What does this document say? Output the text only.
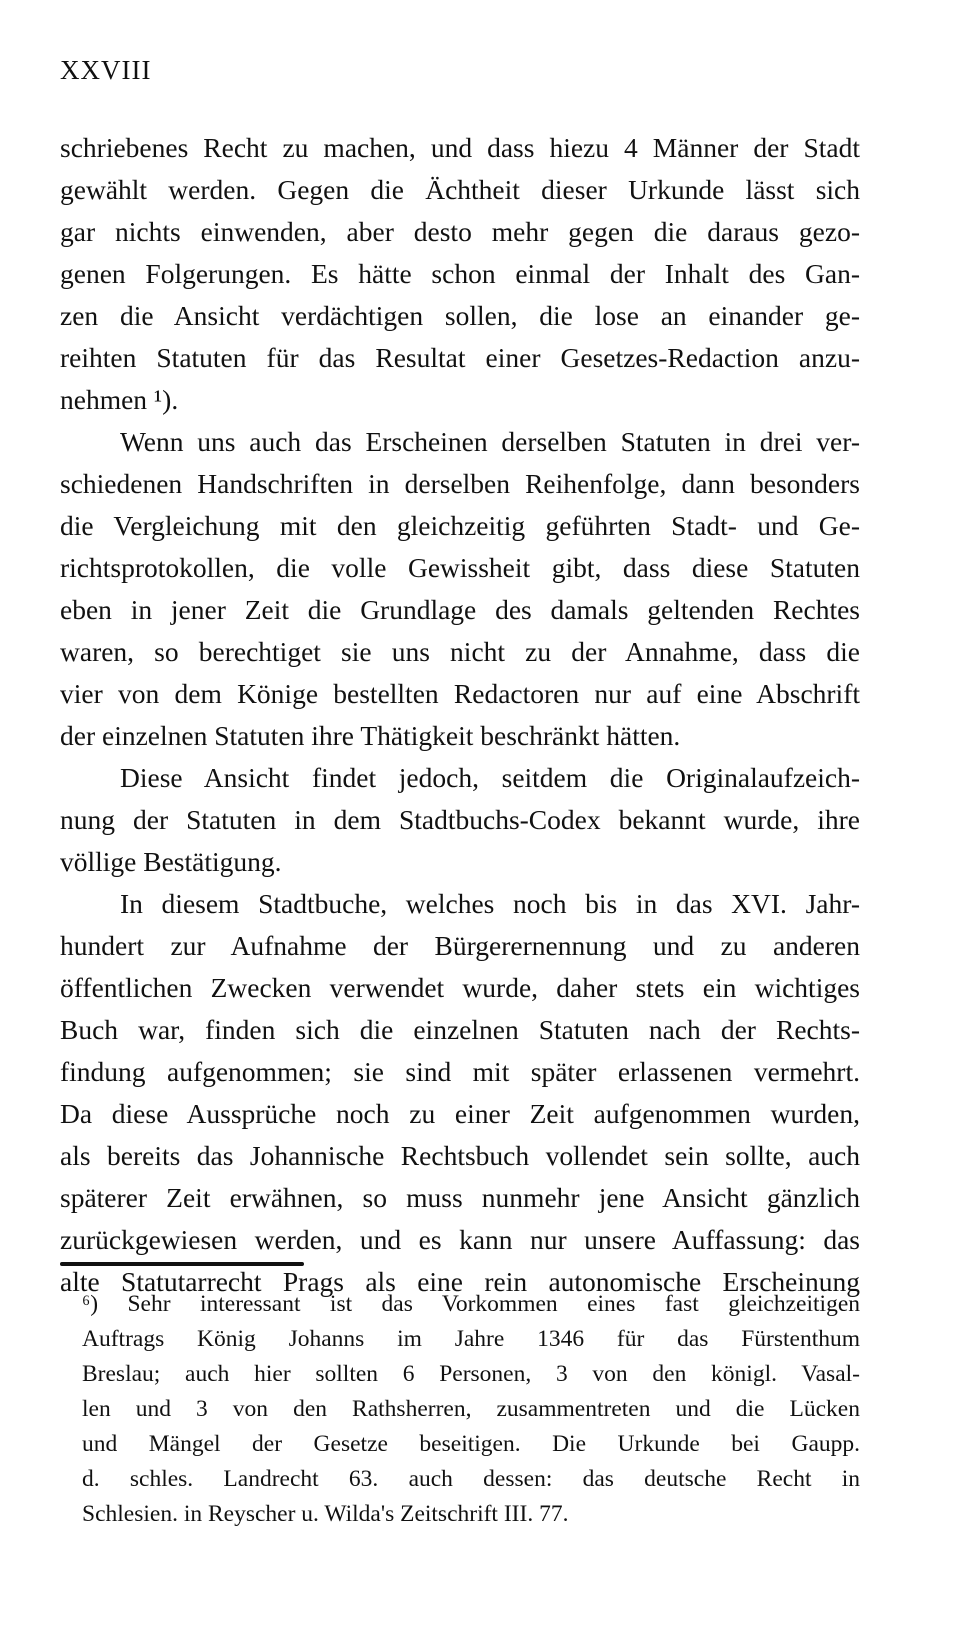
XXVIII
schriebenes Recht zu machen, und dass hiezu 4 Männer der Stadt
gewählt werden. Gegen die Ächtheit dieser Urkunde lässt sich
gar nichts einwenden, aber desto mehr gegen die daraus gezo-
genen Folgerungen. Es hätte schon einmal der Inhalt des Gan-
zen die Ansicht verdächtigen sollen, die lose an einander ge-
reihten Statuten für das Resultat einer Gesetzes-Redaction anzu-
nehmen ¹).
Wenn uns auch das Erscheinen derselben Statuten in drei ver-
schiedenen Handschriften in derselben Reihenfolge, dann besonders
die Vergleichung mit den gleichzeitig geführten Stadt- und Ge-
richtsprotokollen, die volle Gewissheit gibt, dass diese Statuten
eben in jener Zeit die Grundlage des damals geltenden Rechtes
waren, so berechtiget sie uns nicht zu der Annahme, dass die
vier von dem Könige bestellten Redactoren nur auf eine Abschrift
der einzelnen Statuten ihre Thätigkeit beschränkt hätten.
Diese Ansicht findet jedoch, seitdem die Originalaufzeich-
nung der Statuten in dem Stadtbuchs-Codex bekannt wurde, ihre
völlige Bestätigung.
In diesem Stadtbuche, welches noch bis in das XVI. Jahr-
hundert zur Aufnahme der Bürgerernennung und zu anderen
öffentlichen Zwecken verwendet wurde, daher stets ein wichtiges
Buch war, finden sich die einzelnen Statuten nach der Rechts-
findung aufgenommen; sie sind mit später erlassenen vermehrt.
Da diese Aussprüche noch zu einer Zeit aufgenommen wurden,
als bereits das Johannische Rechtsbuch vollendet sein sollte, auch
späterer Zeit erwähnen, so muss nunmehr jene Ansicht gänzlich
zurückgewiesen werden, und es kann nur unsere Auffassung: das
alte Statutarrecht Prags als eine rein autonomische Erscheinung
⁶) Sehr interessant ist das Vorkommen eines fast gleichzeitigen
Auftrags König Johanns im Jahre 1346 für das Fürstenthum
Breslau; auch hier sollten 6 Personen, 3 von den königl. Vasal-
len und 3 von den Rathsherren, zusammentreten und die Lücken
und Mängel der Gesetze beseitigen. Die Urkunde bei Gaupp.
d. schles. Landrecht 63. auch dessen: das deutsche Recht in
Schlesien. in Reyscher u. Wilda's Zeitschrift III. 77.
